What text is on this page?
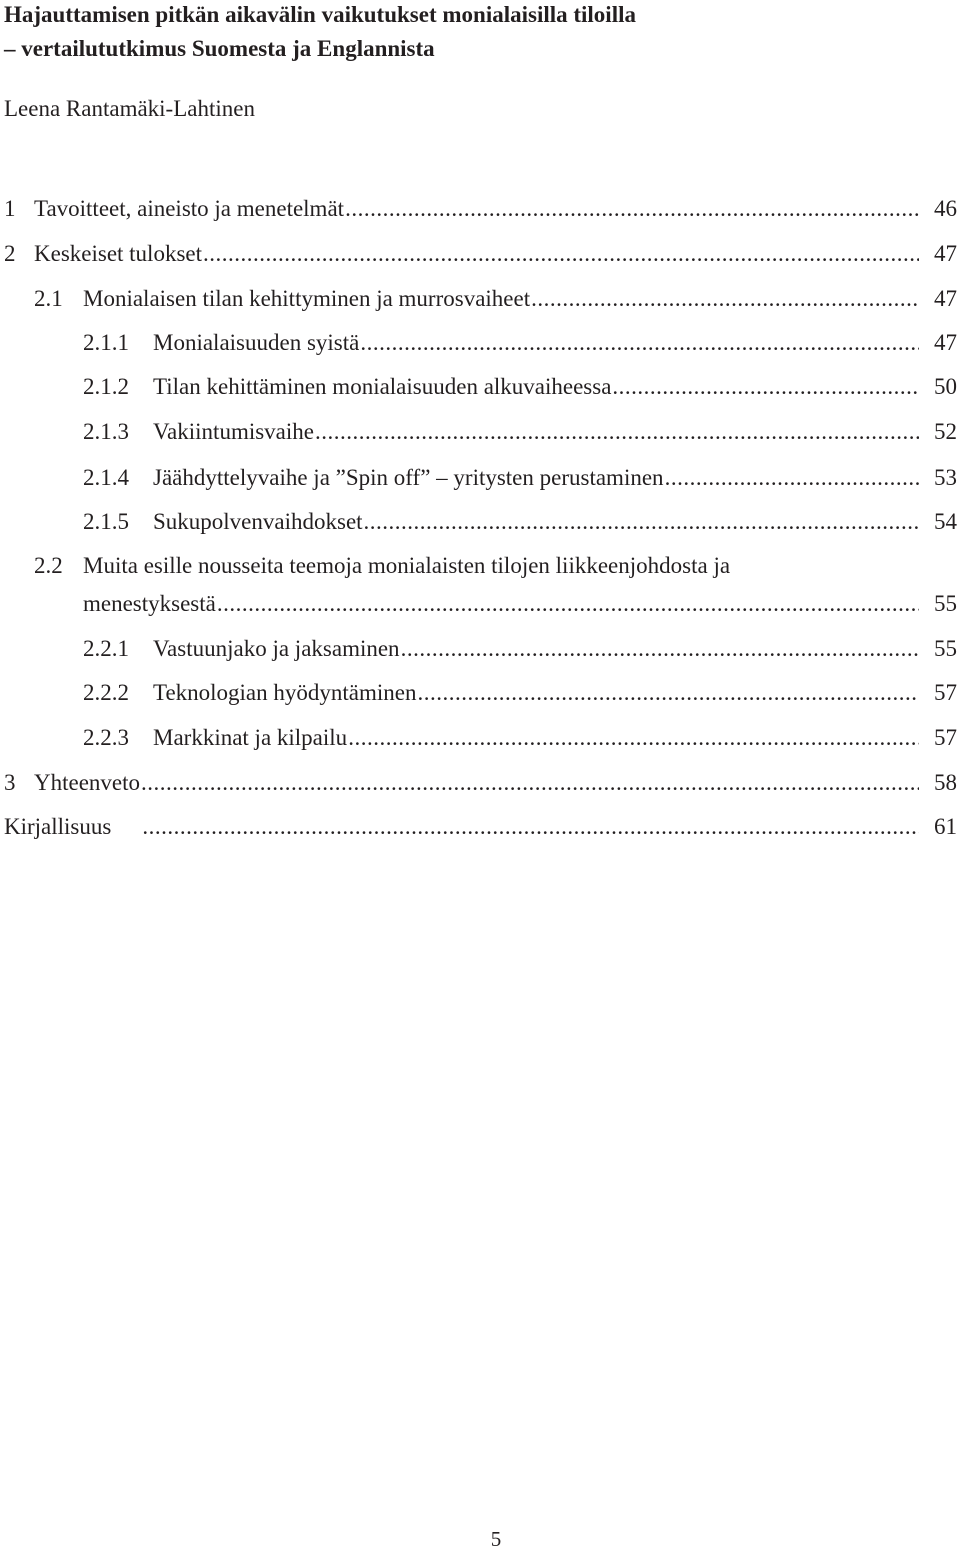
Hajauttamisen pitkän aikavälin vaikutukset monialaisilla tiloilla
– vertailututkimus Suomesta ja Englannista
Leena Rantamäki-Lahtinen
1 Tavoitteet, aineisto ja menetelmät .....	46
2 Keskeiset tulokset .....	47
2.1 Monialaisen tilan kehittyminen ja murrosvaiheet .....	47
2.1.1 Monialaisuuden syistä .....	47
2.1.2 Tilan kehittäminen monialaisuuden alkuvaiheessa .....	50
2.1.3 Vakiintumisvaihe .....	52
2.1.4 Jäähdyttelyvaihe ja ”Spin off” – yritysten perustaminen .....	53
2.1.5 Sukupolvenvaihdokset .....	54
2.2 Muita esille nousseita teemoja monialaisten tilojen liikkeenjohdosta ja
menestyksestä .....	55
2.2.1 Vastuunjako ja jaksaminen .....	55
2.2.2 Teknologian hyödyntäminen .....	57
2.2.3 Markkinat ja kilpailu .....	57
3 Yhteenveto .....	58
Kirjallisuus .....	61
5
